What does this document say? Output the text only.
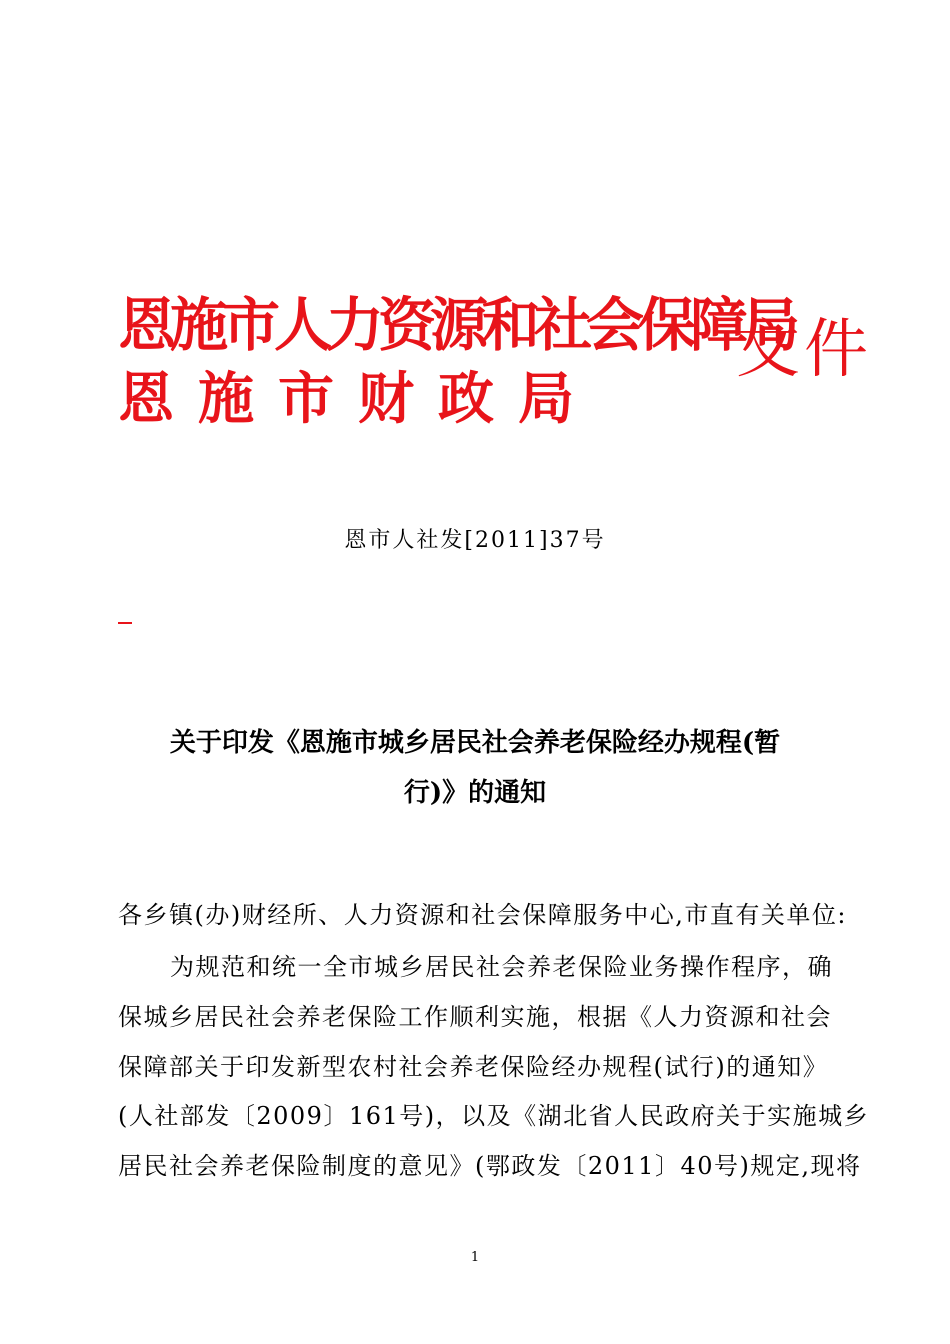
恩施市人力资源和社会保障局
恩施市财政局
文件
恩市人社发[2011]37号
关于印发《恩施市城乡居民社会养老保险经办规程(暂
行)》的通知
各乡镇(办)财经所、人力资源和社会保障服务中心,市直有关单位:
为规范和统一全市城乡居民社会养老保险业务操作程序，确
保城乡居民社会养老保险工作顺利实施，根据《人力资源和社会
保障部关于印发新型农村社会养老保险经办规程(试行)的通知》
(人社部发〔2009〕161号)，以及《湖北省人民政府关于实施城乡
居民社会养老保险制度的意见》(鄂政发〔2011〕40号)规定,现将
1
